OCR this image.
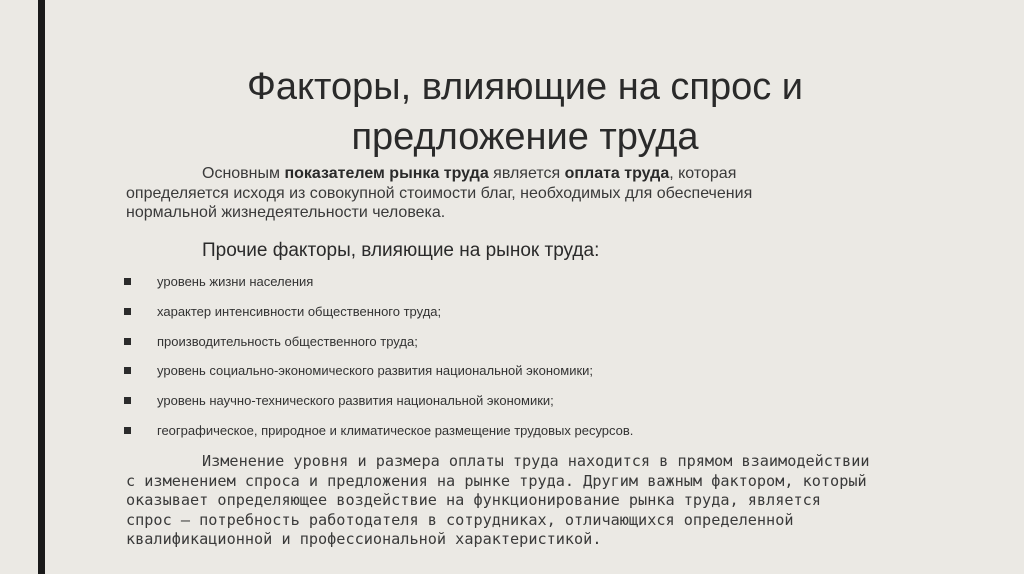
Факторы, влияющие на спрос и
предложение труда

Основным показателем рынка труда является оплата труда, которая
определяется исходя из совокупной стоимости благ, необходимых для обеспечения
нормальной жизнедеятельности человека.

Прочие факторы, влияющие на рынок труда:
уровень жизни населения
характер интенсивности общественного труда;
производительность общественного труда;
уровень социально-экономического развития национальной экономики;
уровень научно-технического развития национальной экономики;
географическое, природное и климатическое размещение трудовых ресурсов.

Изменение уровня и размера оплаты труда находится в прямом взаимодействии
с изменением спроса и предложения на рынке труда. Другим важным фактором, который
оказывает определяющее воздействие на функционирование рынка труда, является
спрос — потребность работодателя в сотрудниках, отличающихся определенной
квалификационной и профессиональной характеристикой.
